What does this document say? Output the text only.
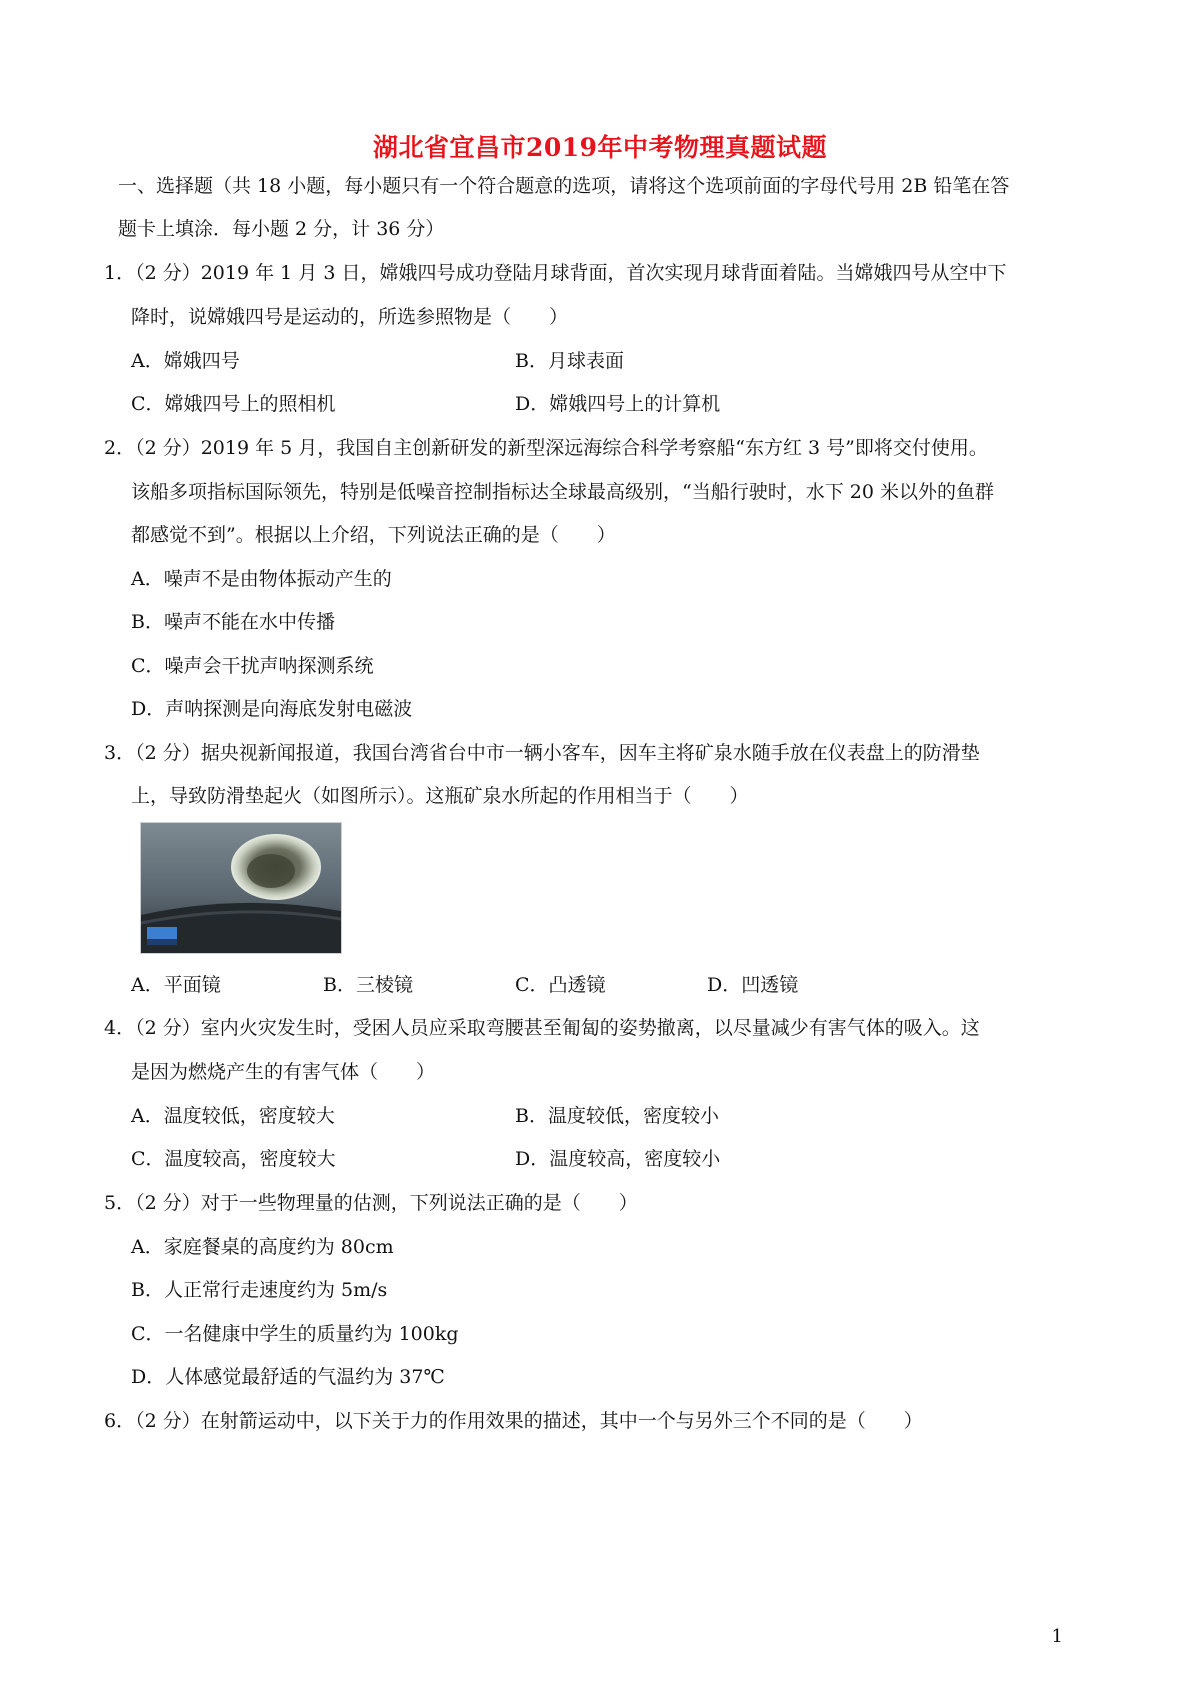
湖北省宜昌市2019年中考物理真题试题
一、选择题（共 18 小题，每小题只有一个符合题意的选项，请将这个选项前面的字母代号用 2B 铅笔在答
题卡上填涂．每小题 2 分，计 36 分）
1．（2 分）2019 年 1 月 3 日，嫦娥四号成功登陆月球背面，首次实现月球背面着陆。当嫦娥四号从空中下
降时，说嫦娥四号是运动的，所选参照物是（　　）
A．嫦娥四号	B．月球表面
C．嫦娥四号上的照相机	D．嫦娥四号上的计算机
2．（2 分）2019 年 5 月，我国自主创新研发的新型深远海综合科学考察船“东方红 3 号”即将交付使用。
该船多项指标国际领先，特别是低噪音控制指标达全球最高级别，“当船行驶时，水下 20 米以外的鱼群
都感觉不到”。根据以上介绍，下列说法正确的是（　　）
A．噪声不是由物体振动产生的
B．噪声不能在水中传播
C．噪声会干扰声呐探测系统
D．声呐探测是向海底发射电磁波
3．（2 分）据央视新闻报道，我国台湾省台中市一辆小客车，因车主将矿泉水随手放在仪表盘上的防滑垫
上，导致防滑垫起火（如图所示）。这瓶矿泉水所起的作用相当于（　　）
A．平面镜	B．三棱镜	C．凸透镜	D．凹透镜
4．（2 分）室内火灾发生时，受困人员应采取弯腰甚至匍匐的姿势撤离，以尽量减少有害气体的吸入。这
是因为燃烧产生的有害气体（　　）
A．温度较低，密度较大	B．温度较低，密度较小
C．温度较高，密度较大	D．温度较高，密度较小
5．（2 分）对于一些物理量的估测，下列说法正确的是（　　）
A．家庭餐桌的高度约为 80cm
B．人正常行走速度约为 5m/s
C．一名健康中学生的质量约为 100kg
D．人体感觉最舒适的气温约为 37℃
6．（2 分）在射箭运动中，以下关于力的作用效果的描述，其中一个与另外三个不同的是（　　）
1
